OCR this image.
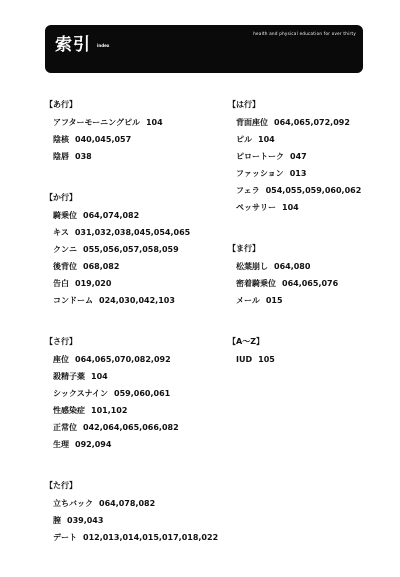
索引 index
health and physical education for over thirty
【あ行】
アフターモーニングピル 104
陰核 040,045,057
陰唇 038
【か行】
騎乗位 064,074,082
キス 031,032,038,045,054,065
クンニ 055,056,057,058,059
後背位 068,082
告白 019,020
コンドーム 024,030,042,103
【さ行】
座位 064,065,070,082,092
殺精子薬 104
シックスナイン 059,060,061
性感染症 101,102
正常位 042,064,065,066,082
生理 092,094
【た行】
立ちバック 064,078,082
膣 039,043
デート 012,013,014,015,017,018,022
【は行】
背面座位 064,065,072,092
ピル 104
ピロートーク 047
ファッション 013
フェラ 054,055,059,060,062
ペッサリー 104
【ま行】
松葉崩し 064,080
密着騎乗位 064,065,076
メール 015
【A〜Z】
IUD 105
